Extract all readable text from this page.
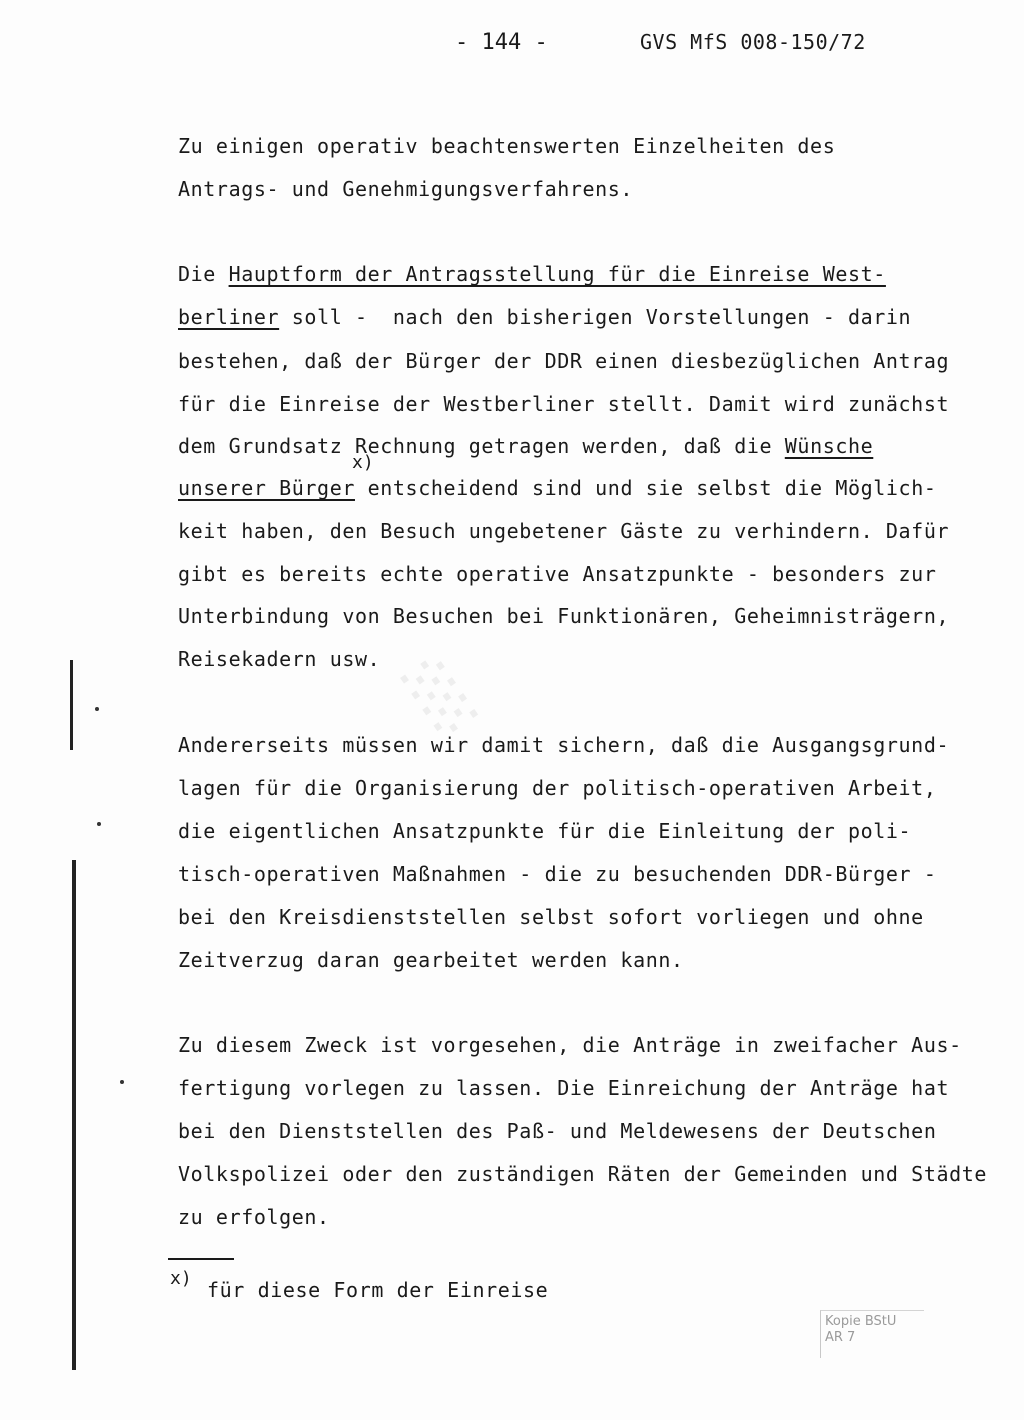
░
- 144 -	GVS MfS 008-150/72
Zu einigen operativ beachtenswerten Einzelheiten des
Antrags- und Genehmigungsverfahrens.
Die Hauptform der Antragsstellung für die Einreise West-
berliner soll -  nach den bisherigen Vorstellungen - darin
bestehen, daß der Bürger der DDR einen diesbezüglichen Antrag
für die Einreise der Westberliner stellt. Damit wird zunächst
dem Grundsatz Rechnung getragen werden, daß die Wünsche
x)
unserer Bürger entscheidend sind und sie selbst die Möglich-
keit haben, den Besuch ungebetener Gäste zu verhindern. Dafür
gibt es bereits echte operative Ansatzpunkte - besonders zur
Unterbindung von Besuchen bei Funktionären, Geheimnisträgern,
Reisekadern usw.
Andererseits müssen wir damit sichern, daß die Ausgangsgrund-
lagen für die Organisierung der politisch-operativen Arbeit,
die eigentlichen Ansatzpunkte für die Einleitung der poli-
tisch-operativen Maßnahmen - die zu besuchenden DDR-Bürger -
bei den Kreisdienststellen selbst sofort vorliegen und ohne
Zeitverzug daran gearbeitet werden kann.
Zu diesem Zweck ist vorgesehen, die Anträge in zweifacher Aus-
fertigung vorlegen zu lassen. Die Einreichung der Anträge hat
bei den Dienststellen des Paß- und Meldewesens der Deutschen
Volkspolizei oder den zuständigen Räten der Gemeinden und Städte
zu erfolgen.
x) für diese Form der Einreise
Kopie BStU
AR 7
